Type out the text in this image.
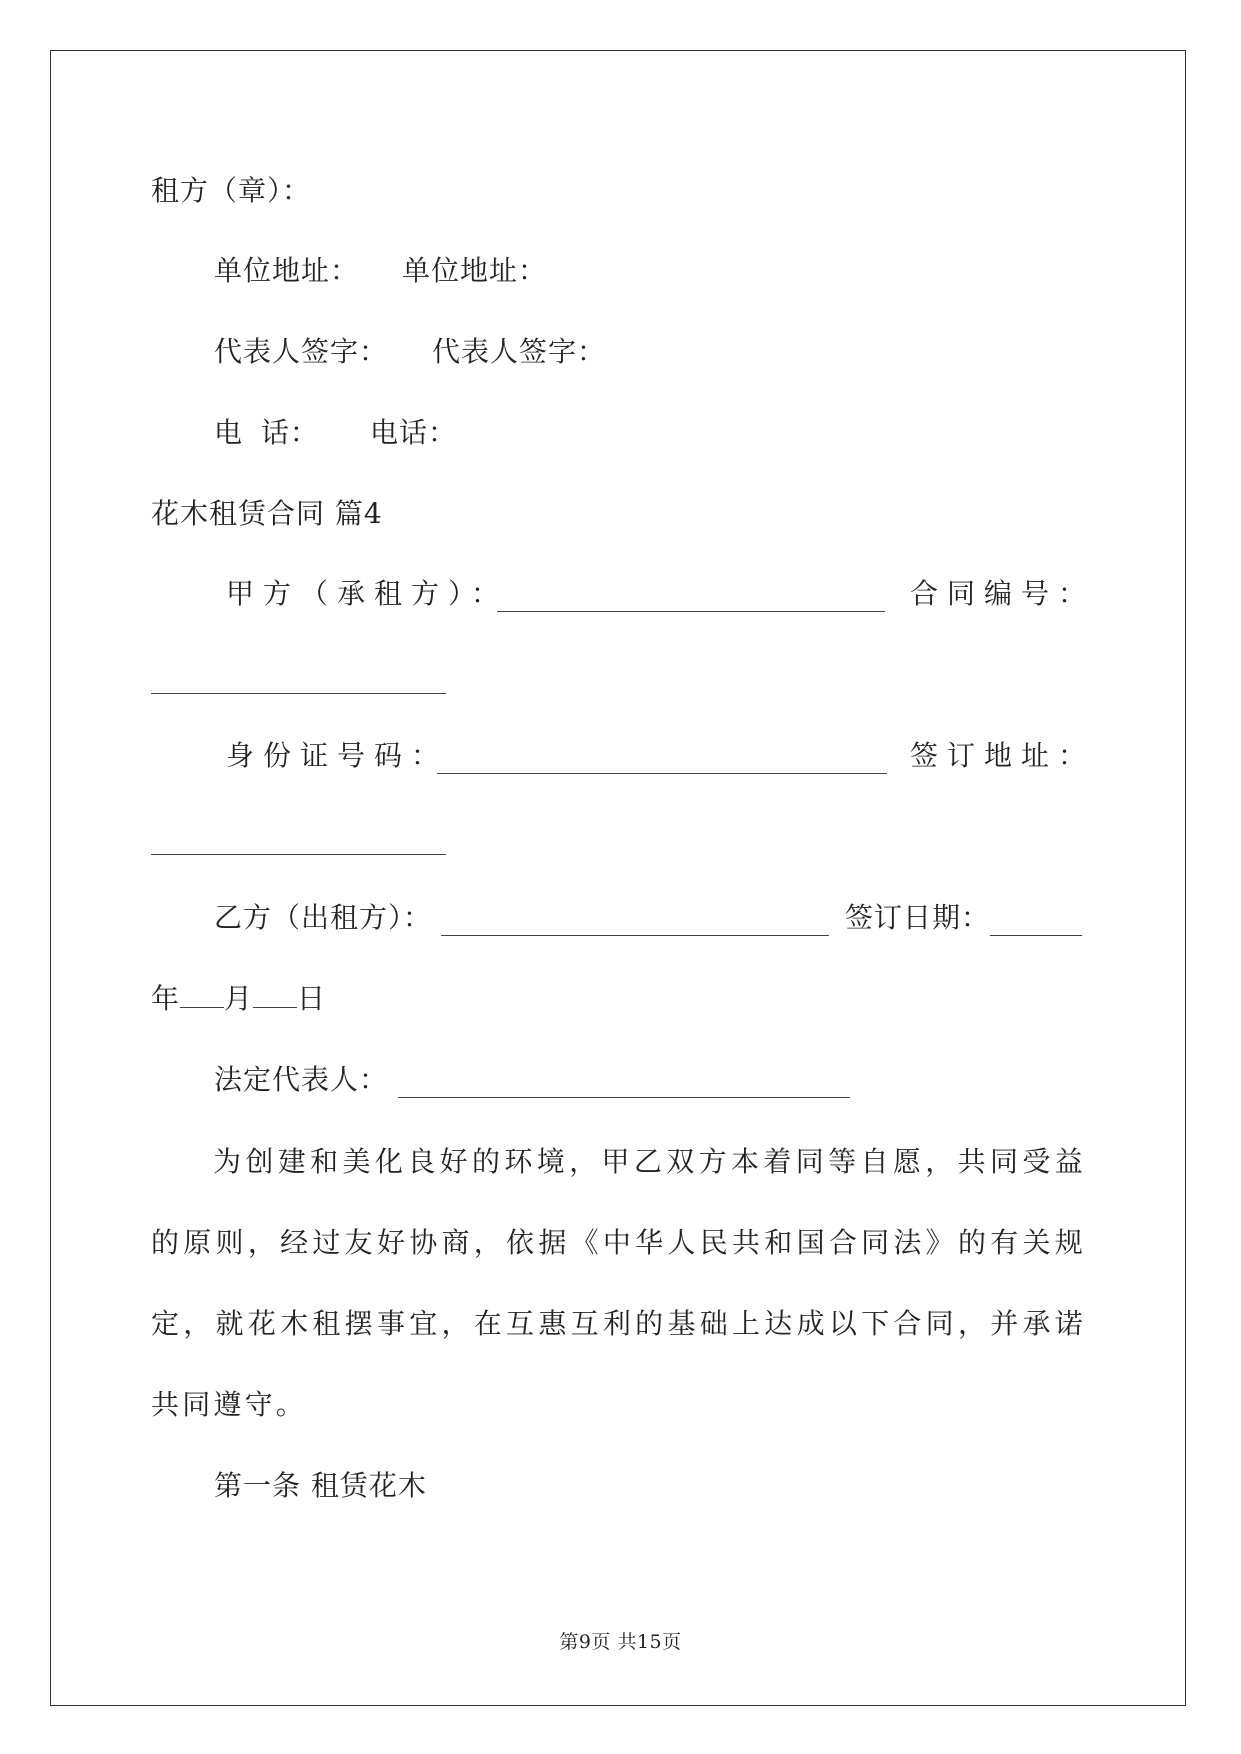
租方（章）：
单位地址： 单位地址：
代表人签字： 代表人签字：
电 话： 电话：
花木租赁合同 篇4
甲方（承租方）：	合同编号：
身份证号码：	签订地址：
乙方（出租方）：	签订日期：
年 月 日
法定代表人：
为创建和美化良好的环境，甲乙双方本着同等自愿，共同受益的原则，经过友好协商，依据《中华人民共和国合同法》的有关规定，就花木租摆事宜，在互惠互利的基础上达成以下合同，并承诺共同遵守。
第一条 租赁花木
第9页 共15页
